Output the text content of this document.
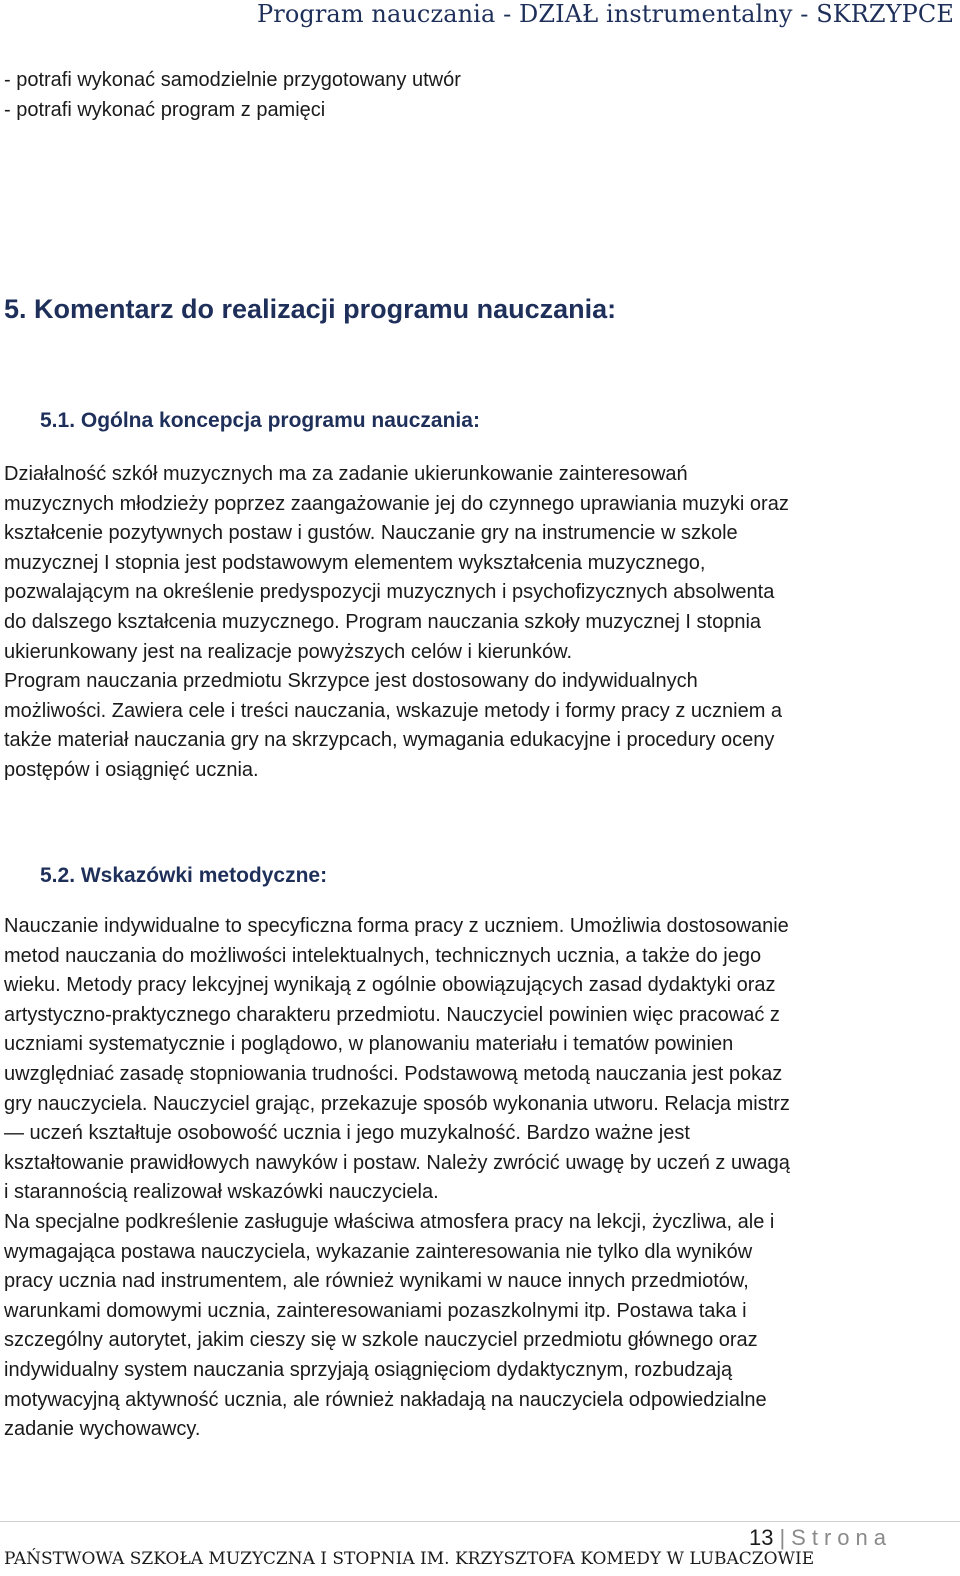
Program nauczania - DZIAŁ instrumentalny - SKRZYPCE
- potrafi wykonać samodzielnie przygotowany utwór
- potrafi wykonać program z pamięci
5. Komentarz do realizacji programu nauczania:
5.1. Ogólna koncepcja programu nauczania:

Działalność szkół muzycznych ma za zadanie ukierunkowanie zainteresowań
muzycznych młodzieży poprzez zaangażowanie jej do czynnego uprawiania muzyki oraz
kształcenie pozytywnych postaw i gustów. Nauczanie gry na instrumencie w szkole
muzycznej I stopnia jest podstawowym elementem wykształcenia muzycznego,
pozwalającym na określenie predyspozycji muzycznych i psychofizycznych absolwenta
do dalszego kształcenia muzycznego. Program nauczania szkoły muzycznej I stopnia
ukierunkowany jest na realizacje powyższych celów i kierunków.
Program nauczania przedmiotu Skrzypce jest dostosowany do indywidualnych
możliwości. Zawiera cele i treści nauczania, wskazuje metody i formy pracy z uczniem a
także materiał nauczania gry na skrzypcach, wymagania edukacyjne i procedury oceny
postępów i osiągnięć ucznia.

5.2. Wskazówki metodyczne:

Nauczanie indywidualne to specyficzna forma pracy z uczniem. Umożliwia dostosowanie
metod nauczania do możliwości intelektualnych, technicznych ucznia, a także do jego
wieku. Metody pracy lekcyjnej wynikają z ogólnie obowiązujących zasad dydaktyki oraz
artystyczno-praktycznego charakteru przedmiotu. Nauczyciel powinien więc pracować z
uczniami systematycznie i poglądowo, w planowaniu materiału i tematów powinien
uwzględniać zasadę stopniowania trudności. Podstawową metodą nauczania jest pokaz
gry nauczyciela. Nauczyciel grając, przekazuje sposób wykonania utworu. Relacja mistrz
― uczeń kształtuje osobowość ucznia i jego muzykalność. Bardzo ważne jest
kształtowanie prawidłowych nawyków i postaw. Należy zwrócić uwagę by uczeń z uwagą
i starannością realizował wskazówki nauczyciela.
Na specjalne podkreślenie zasługuje właściwa atmosfera pracy na lekcji, życzliwa, ale i
wymagająca postawa nauczyciela, wykazanie zainteresowania nie tylko dla wyników
pracy ucznia nad instrumentem, ale również wynikami w nauce innych przedmiotów,
warunkami domowymi ucznia, zainteresowaniami pozaszkolnymi itp. Postawa taka i
szczególny autorytet, jakim cieszy się w szkole nauczyciel przedmiotu głównego oraz
indywidualny system nauczania sprzyjają osiągnięciom dydaktycznym, rozbudzają
motywacyjną aktywność ucznia, ale również nakładają na nauczyciela odpowiedzialne
zadanie wychowawcy.

13 | Strona
PAŃSTWOWA SZKOŁA MUZYCZNA I STOPNIA IM. KRZYSZTOFA KOMEDY W LUBACZOWIE
